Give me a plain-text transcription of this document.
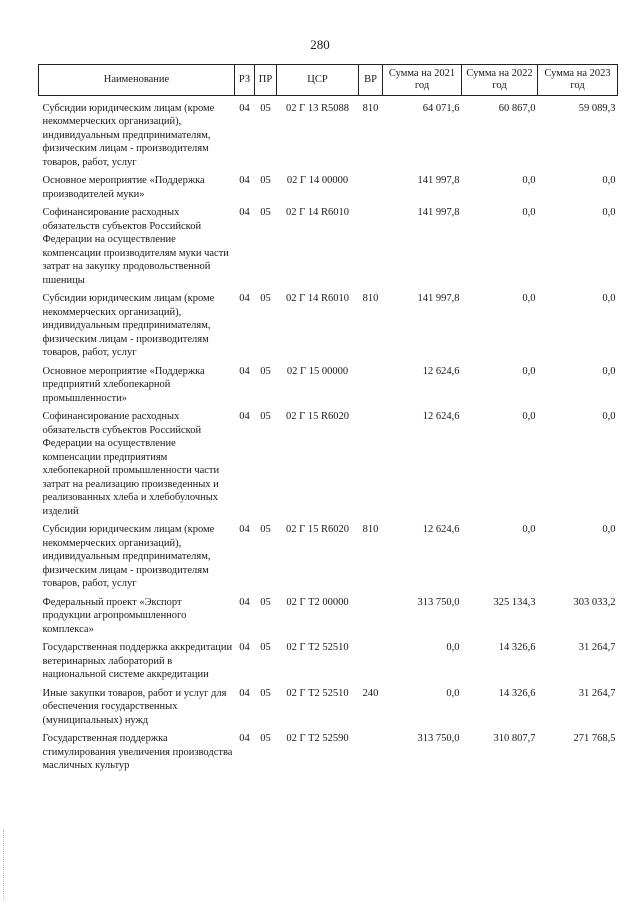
280
Наименование	РЗ	ПР	ЦСР	ВР	Сумма на 2021 год	Сумма на 2022 год	Сумма на 2023 год

Субсидии юридическим лицам (кроме некоммерческих организаций), индивидуальным предпринимателям, физическим лицам - производителям товаров, работ, услуг	04	05	02 Г 13 R5088	810	64 071,6	60 867,0	59 089,3
Основное мероприятие «Поддержка производителей муки»	04	05	02 Г 14 00000		141 997,8	0,0	0,0
Софинансирование расходных обязательств субъектов Российской Федерации на осуществление компенсации производителям муки части затрат на закупку продовольственной пшеницы	04	05	02 Г 14 R6010		141 997,8	0,0	0,0
Субсидии юридическим лицам (кроме некоммерческих организаций), индивидуальным предпринимателям, физическим лицам - производителям товаров, работ, услуг	04	05	02 Г 14 R6010	810	141 997,8	0,0	0,0
Основное мероприятие «Поддержка предприятий хлебопекарной промышленности»	04	05	02 Г 15 00000		12 624,6	0,0	0,0
Софинансирование расходных обязательств субъектов Российской Федерации на осуществление компенсации предприятиям хлебопекарной промышленности части затрат на реализацию произведенных и реализованных хлеба и хлебобулочных изделий	04	05	02 Г 15 R6020		12 624,6	0,0	0,0
Субсидии юридическим лицам (кроме некоммерческих организаций), индивидуальным предпринимателям, физическим лицам - производителям товаров, работ, услуг	04	05	02 Г 15 R6020	810	12 624,6	0,0	0,0
Федеральный проект «Экспорт продукции агропромышленного комплекса»	04	05	02 Г Т2 00000		313 750,0	325 134,3	303 033,2
Государственная поддержка аккредитации ветеринарных лабораторий в национальной системе аккредитации	04	05	02 Г Т2 52510		0,0	14 326,6	31 264,7
Иные закупки товаров, работ и услуг для обеспечения государственных (муниципальных) нужд	04	05	02 Г Т2 52510	240	0,0	14 326,6	31 264,7
Государственная поддержка стимулирования увеличения производства масличных культур	04	05	02 Г Т2 52590		313 750,0	310 807,7	271 768,5
